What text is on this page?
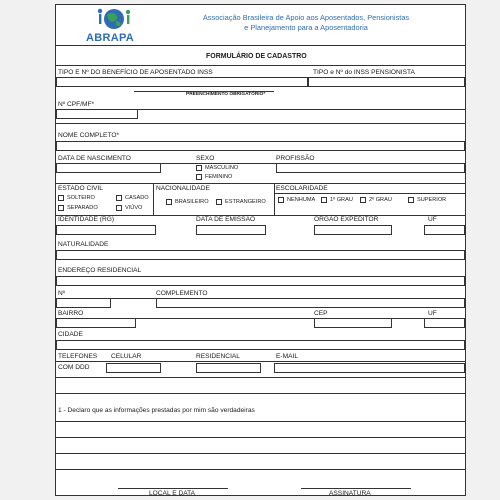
ABRAPA
Associação Brasileira de Apoio aos Aposentados, Pensionistas
e Planejamento para a Aposentadoria
FORMULÁRIO DE CADASTRO
TIPO E Nº DO BENEFÍCIO DE APOSENTADO INSS	TIPO e Nº do INSS PENSIONISTA
PREENCHIMENTO OBRIGATÓRIO*
Nº CPF/MF*
NOME COMPLETO*
DATA DE NASCIMENTO	SEXO	PROFISSÃO
MASCULINO
FEMININO
ESTADO CIVIL	NACIONALIDADE	ESCOLARIDADE
SOLTEIRO	CASADO
SEPARADO	VIÚVO
BRASILEIRO	ESTRANGEIRO	NENHUMA	1º GRAU	2º GRAU	SUPERIOR
IDENTIDADE (RG)	DATA DE EMISSÃO	ÓRGÃO EXPEDITOR	UF
NATURALIDADE
ENDEREÇO RESIDENCIAL
Nº	COMPLEMENTO
BAIRRO	CEP	UF
CIDADE
TELEFONES CELULAR	RESIDENCIAL	E-MAIL
COM DDD
1 - Declaro que as informações prestadas por mim são verdadeiras
LOCAL E DATA	ASSINATURA
